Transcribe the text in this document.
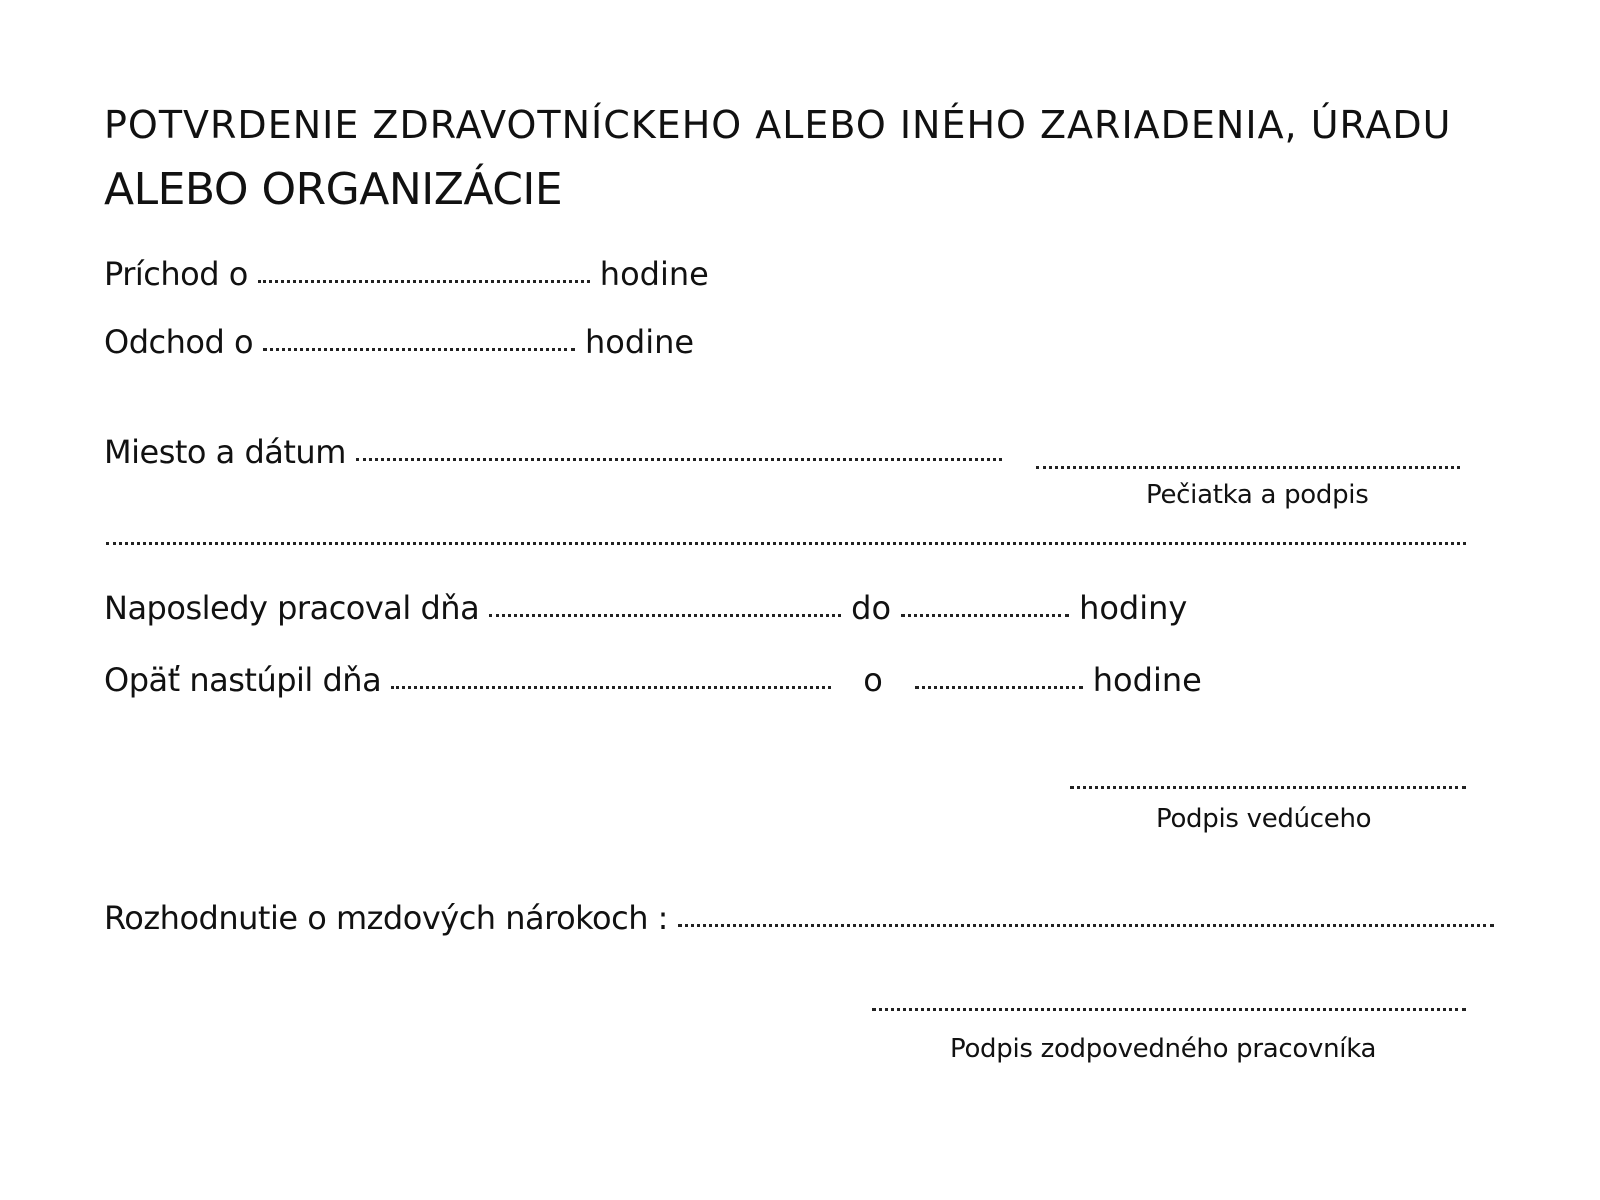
POTVRDENIE ZDRAVOTNÍCKEHO ALEBO INÉHO ZARIADENIA, ÚRADU
ALEBO ORGANIZÁCIE
Príchod o	hodine
Odchod o	hodine
Miesto a dátum
Pečiatka a podpis
Naposledy pracoval dňa	do	hodiny
Opäť nastúpil dňa	o	hodine
Podpis vedúceho
Rozhodnutie o mzdových nárokoch :
Podpis zodpovedného pracovníka
